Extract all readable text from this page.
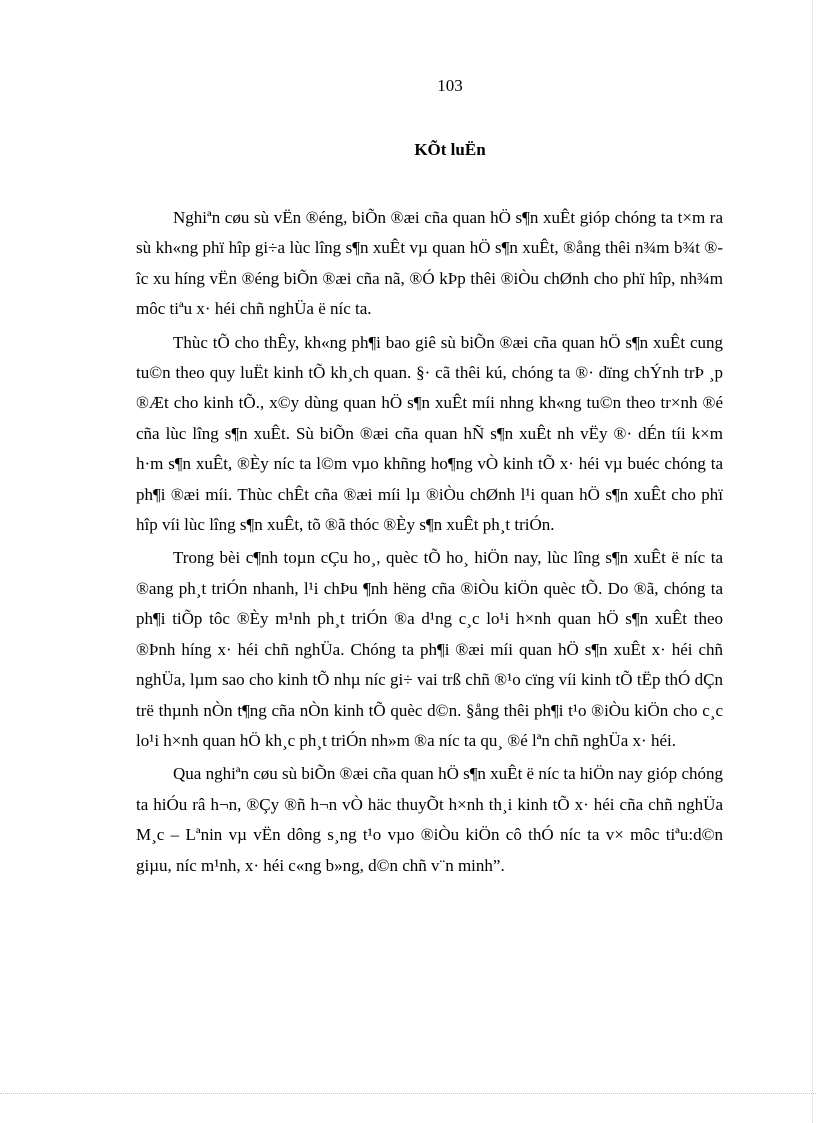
103
KÕt luËn

Nghiªn cøu sù vËn ®éng, biÕn ®æi cña quan hÖ s¶n xuÊt gióp chóng ta t×m ra sù kh«ng phï hîp gi÷a lùc lîng s¶n xuÊt vµ quan hÖ s¶n xuÊt, ®ång thêi n¾m b¾t ®îc xu híng vËn ®éng biÕn ®æi cña nã, ®Ó kÞp thêi ®iÒu chØnh cho phï hîp, nh¾m môc tiªu x· héi chñ nghÜa ë níc ta.

Thùc tÕ cho thÊy, kh«ng ph¶i bao giê sù biÕn ®æi cña quan hÖ s¶n xuÊt cung tu©n theo quy luËt kinh tÕ kh¸ch quan. §· cã thêi kú, chóng ta ®· dïng chÝnh trÞ ¸p ®Æt cho kinh tÕ., x©y dùng quan hÖ s¶n xuÊt míi nhng kh«ng tu©n theo tr×nh ®é cña lùc lîng s¶n xuÊt. Sù biÕn ®æi cña quan hÑ s¶n xuÊt nh vËy ®· dÉn tíi k×m h·m s¶n xuÊt, ®Èy níc ta l©m vµo khñng ho¶ng vÒ kinh tÕ x· héi vµ buéc chóng ta ph¶i ®æi míi. Thùc chÊt cña ®æi míi lµ ®iÒu chØnh l¹i quan hÖ s¶n xuÊt cho phï hîp víi lùc lîng s¶n xuÊt, tõ ®ã thóc ®Èy s¶n xuÊt ph¸t triÓn.

Trong bèi c¶nh toµn cÇu ho¸, quèc tÕ ho¸ hiÖn nay, lùc lîng s¶n xuÊt ë níc ta ®ang ph¸t triÓn nhanh, l¹i chÞu ¶nh hëng cña ®iÒu kiÖn quèc tÕ. Do ®ã, chóng ta ph¶i tiÕp tôc ®Èy m¹nh ph¸t triÓn ®a d¹ng c¸c lo¹i h×nh quan hÖ s¶n xuÊt theo ®Þnh híng x· héi chñ nghÜa. Chóng ta ph¶i ®æi míi quan hÖ s¶n xuÊt x· héi chñ nghÜa, lµm sao cho kinh tÕ nhµ níc gi÷ vai trß chñ ®¹o cïng víi kinh tÕ tËp thÓ dÇn trë thµnh nÒn t¶ng cña nÒn kinh tÕ quèc d©n. §ång thêi ph¶i t¹o ®iÒu kiÖn cho c¸c lo¹i h×nh quan hÖ kh¸c ph¸t triÓn nh»m ®a níc ta qu¸ ®é lªn chñ nghÜa x· héi.

Qua nghiªn cøu sù biÕn ®æi cña quan hÖ s¶n xuÊt ë níc ta hiÖn nay gióp chóng ta hiÓu râ h¬n, ®Çy ®ñ h¬n vÒ häc thuyÕt h×nh th¸i kinh tÕ x· héi cña chñ nghÜa M¸c – Lªnin vµ vËn dông s¸ng t¹o vµo ®iÒu kiÖn cô thÓ níc ta v× môc tiªu:d©n giµu, níc m¹nh, x· héi c«ng b»ng, d©n chñ v¨n minh”.
